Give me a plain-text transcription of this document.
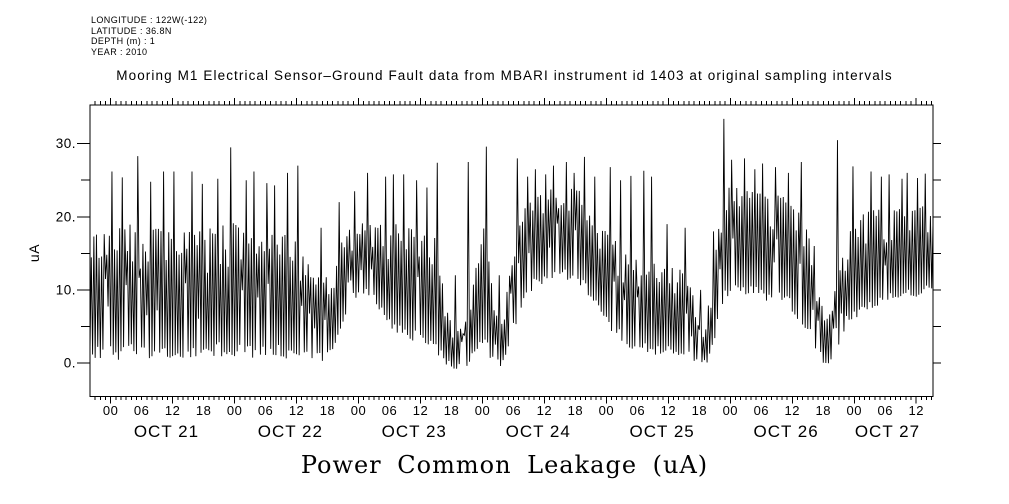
LONGITUDE : 122W(-122)
LATITUDE : 36.8N
DEPTH (m) : 1
YEAR : 2010
Mooring M1 Electrical Sensor–Ground Fault data from MBARI instrument id 1403 at original sampling intervals
00 06 12 18 00 06 12 18 00 06 12 18 00 06 12 18 00 06 12 18 00 06 12 18 00 06 12
OCT 21	OCT 22	OCT 23	OCT 24	OCT 25	OCT 26 OCT 27
0.
10.
20.
30.
uA
Power Common Leakage (uA)
